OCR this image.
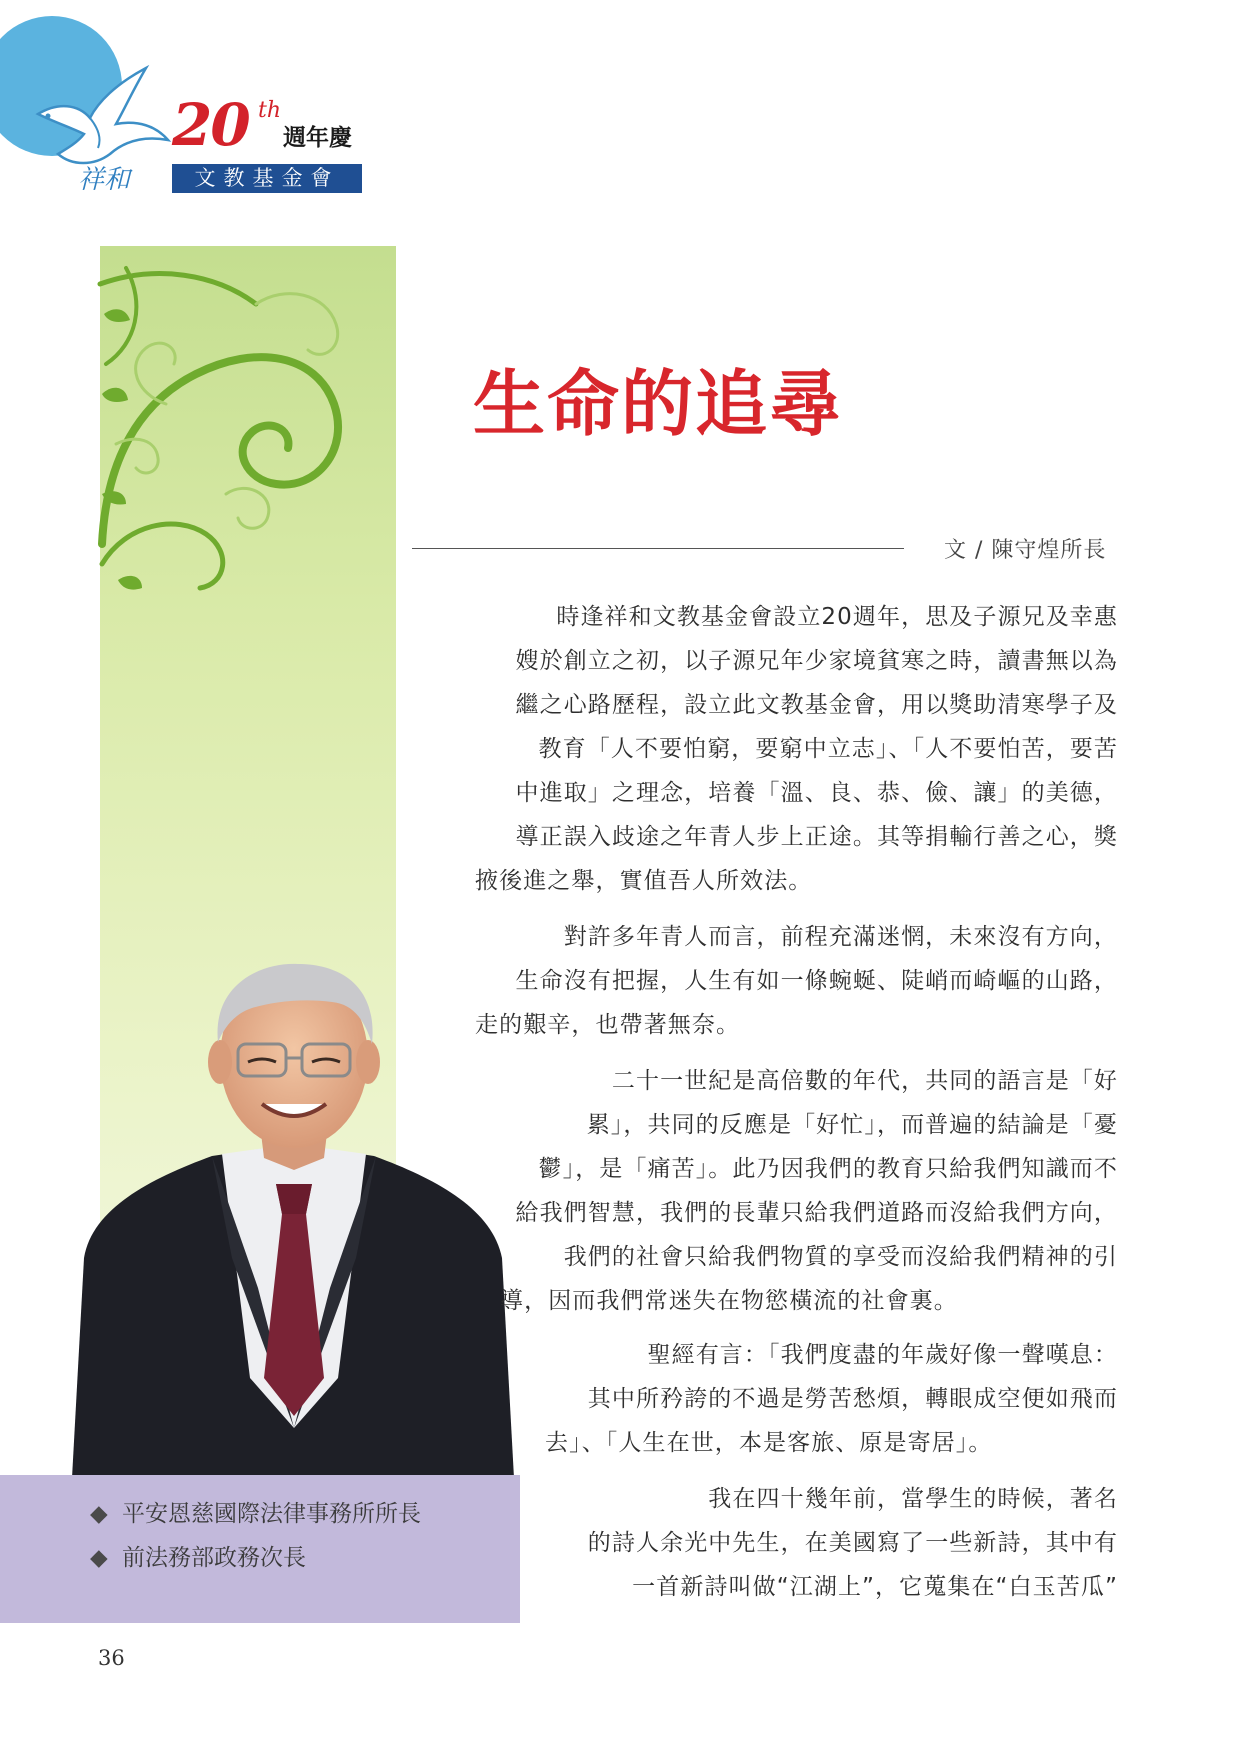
祥和
20 th
週年慶
文教基金會
◆ 平安恩慈國際法律事務所所長
◆ 前法務部政務次長
生命的追尋
文 / 陳守煌所長
時逢祥和文教基金會設立20週年，思及子源兄及幸惠
嫂於創立之初，以子源兄年少家境貧寒之時，讀書無以為
繼之心路歷程，設立此文教基金會，用以獎助清寒學子及
教育「人不要怕窮，要窮中立志」、「人不要怕苦，要苦
中進取」之理念，培養「溫、良、恭、儉、讓」的美德，
導正誤入歧途之年青人步上正途。其等捐輸行善之心，獎
掖後進之舉，實值吾人所效法。
對許多年青人而言，前程充滿迷惘，未來沒有方向，
生命沒有把握，人生有如一條蜿蜒、陡峭而崎嶇的山路，
走的艱辛，也帶著無奈。
二十一世紀是高倍數的年代，共同的語言是「好
累」，共同的反應是「好忙」，而普遍的結論是「憂
鬱」，是「痛苦」。此乃因我們的教育只給我們知識而不
給我們智慧，我們的長輩只給我們道路而沒給我們方向，
我們的社會只給我們物質的享受而沒給我們精神的引
導，因而我們常迷失在物慾橫流的社會裏。
聖經有言：「我們度盡的年歲好像一聲嘆息：
其中所矜誇的不過是勞苦愁煩，轉眼成空便如飛而
去」、「人生在世，本是客旅、原是寄居」。
我在四十幾年前，當學生的時候，著名
的詩人余光中先生，在美國寫了一些新詩，其中有
一首新詩叫做“江湖上”，它蒐集在“白玉苦瓜”
36
